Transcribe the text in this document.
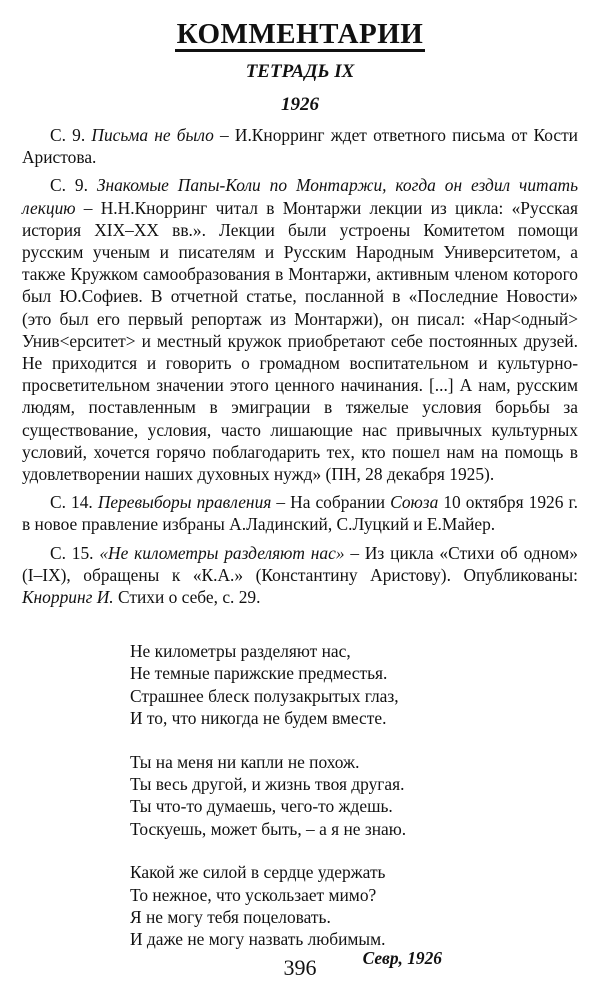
КОММЕНТАРИИ
ТЕТРАДЬ IX
1926

С. 9. Письма не было – И.Кнорринг ждет ответного письма от Кости Аристова.

С. 9. Знакомые Папы-Коли по Монтаржи, когда он ездил читать лекцию – Н.Н.Кнорринг читал в Монтаржи лекции из цикла: «Русская история XIX–XX вв.». Лекции были устроены Комитетом помощи русским ученым и писателям и Русским Народным Университетом, а также Кружком самообразования в Монтаржи, активным членом которого был Ю.Софиев. В отчетной статье, посланной в «Последние Новости» (это был его первый репортаж из Монтаржи), он писал: «Нар<одный> Унив<ерситет> и местный кружок приобретают себе постоянных друзей. Не приходится и говорить о громадном воспитательном и культурно-просветительном значении этого ценного начинания. [...] А нам, русским людям, поставленным в эмиграции в тяжелые условия борьбы за существование, условия, часто лишающие нас привычных культурных условий, хочется горячо поблагодарить тех, кто пошел нам на помощь в удовлетворении наших духовных нужд» (ПН, 28 декабря 1925).

С. 14. Перевыборы правления – На собрании Союза 10 октября 1926 г. в новое правление избраны А.Ладинский, С.Луцкий и Е.Майер.

С. 15. «Не километры разделяют нас» – Из цикла «Стихи об одном» (I–IX), обращены к «К.А.» (Константину Аристову). Опубликованы: Кнорринг И. Стихи о себе, с. 29.

Не километры разделяют нас,
Не темные парижские предместья.
Страшнее блеск полузакрытых глаз,
И то, что никогда не будем вместе.
Ты на меня ни капли не похож.
Ты весь другой, и жизнь твоя другая.
Ты что-то думаешь, чего-то ждешь.
Тоскуешь, может быть, – а я не знаю.
Какой же силой в сердце удержать
То нежное, что ускользает мимо?
Я не могу тебя поцеловать.
И даже не могу назвать любимым.
Севр, 1926
396
